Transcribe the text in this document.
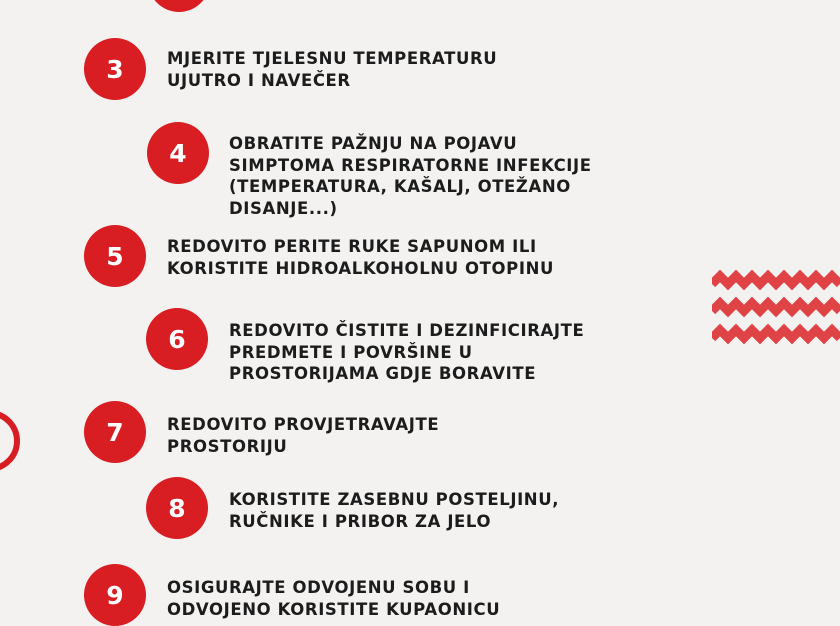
3	MJERITE TJELESNU TEMPERATURU
UJUTRO I NAVEČER
4	OBRATITE PAŽNJU NA POJAVU
SIMPTOMA RESPIRATORNE INFEKCIJE
(TEMPERATURA, KAŠALJ, OTEŽANO
DISANJE...)
5	REDOVITO PERITE RUKE SAPUNOM ILI
KORISTITE HIDROALKOHOLNU OTOPINU
6	REDOVITO ČISTITE I DEZINFICIRAJTE
PREDMETE I POVRŠINE U
PROSTORIJAMA GDJE BORAVITE
7	REDOVITO PROVJETRAVAJTE
PROSTORIJU
8	KORISTITE ZASEBNU POSTELJINU,
RUČNIKE I PRIBOR ZA JELO
9	OSIGURAJTE ODVOJENU SOBU I
ODVOJENO KORISTITE KUPAONICU
